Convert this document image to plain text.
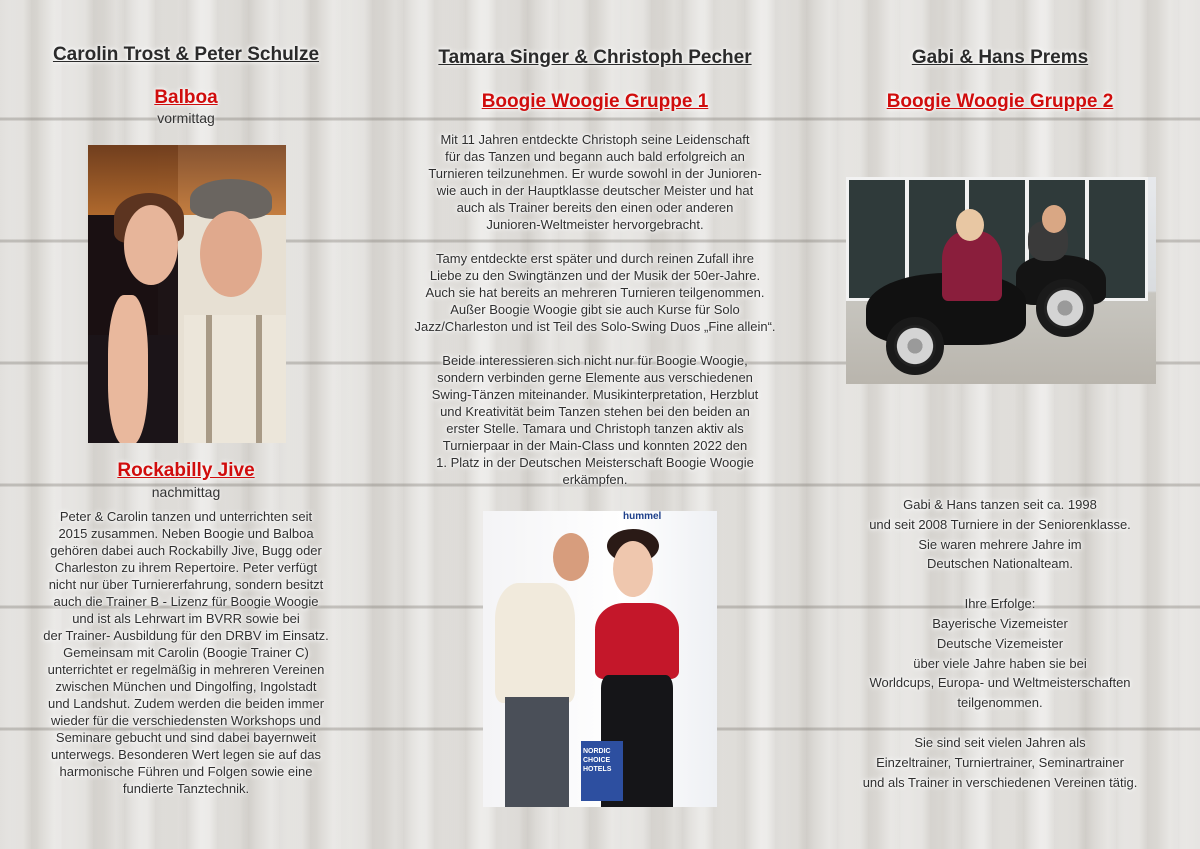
Carolin Trost & Peter Schulze

Balboa

vormittag

Rockabilly Jive

nachmittag

Peter & Carolin tanzen und unterrichten seit
2015 zusammen. Neben Boogie und Balboa
gehören dabei auch Rockabilly Jive, Bugg oder
Charleston zu ihrem Repertoire. Peter verfügt
nicht nur über Turniererfahrung, sondern besitzt
auch die Trainer B - Lizenz für Boogie Woogie
und ist als Lehrwart im BVRR sowie bei
der Trainer- Ausbildung für den DRBV im Einsatz.
Gemeinsam mit Carolin (Boogie Trainer C)
unterrichtet er regelmäßig in mehreren Vereinen
zwischen München und Dingolfing, Ingolstadt
und Landshut. Zudem werden die beiden immer
wieder für die verschiedensten Workshops und
Seminare gebucht und sind dabei bayernweit
unterwegs. Besonderen Wert legen sie auf das
harmonische Führen und Folgen sowie eine
fundierte Tanztechnik.

Tamara Singer & Christoph Pecher

Boogie Woogie Gruppe 1

Mit 11 Jahren entdeckte Christoph seine Leidenschaft
für das Tanzen und begann auch bald erfolgreich an
Turnieren teilzunehmen. Er wurde sowohl in der Junioren-
wie auch in der Hauptklasse deutscher Meister und hat
auch als Trainer bereits den einen oder anderen
Junioren-Weltmeister hervorgebracht.

Tamy entdeckte erst später und durch reinen Zufall ihre
Liebe zu den Swingtänzen und der Musik der 50er-Jahre.
Auch sie hat bereits an mehreren Turnieren teilgenommen.
Außer Boogie Woogie gibt sie auch Kurse für Solo
Jazz/Charleston und ist Teil des Solo-Swing Duos „Fine allein“.

Beide interessieren sich nicht nur für Boogie Woogie,
sondern verbinden gerne Elemente aus verschiedenen
Swing-Tänzen miteinander. Musikinterpretation, Herzblut
und Kreativität beim Tanzen stehen bei den beiden an
erster Stelle. Tamara und Christoph tanzen aktiv als
Turnierpaar in der Main-Class und konnten 2022 den
1. Platz in der Deutschen Meisterschaft Boogie Woogie
erkämpfen.

hummel
NORDIC CHOICE HOTELS

Gabi & Hans Prems

Boogie Woogie Gruppe 2

Gabi & Hans tanzen seit ca. 1998
und seit 2008 Turniere in der Seniorenklasse.
Sie waren mehrere Jahre im
Deutschen Nationalteam.

Ihre Erfolge:
Bayerische Vizemeister
Deutsche Vizemeister
über viele Jahre haben sie bei
Worldcups, Europa- und Weltmeisterschaften
teilgenommen.

Sie sind seit vielen Jahren als
Einzeltrainer, Turniertrainer, Seminartrainer
und als Trainer in verschiedenen Vereinen tätig.
